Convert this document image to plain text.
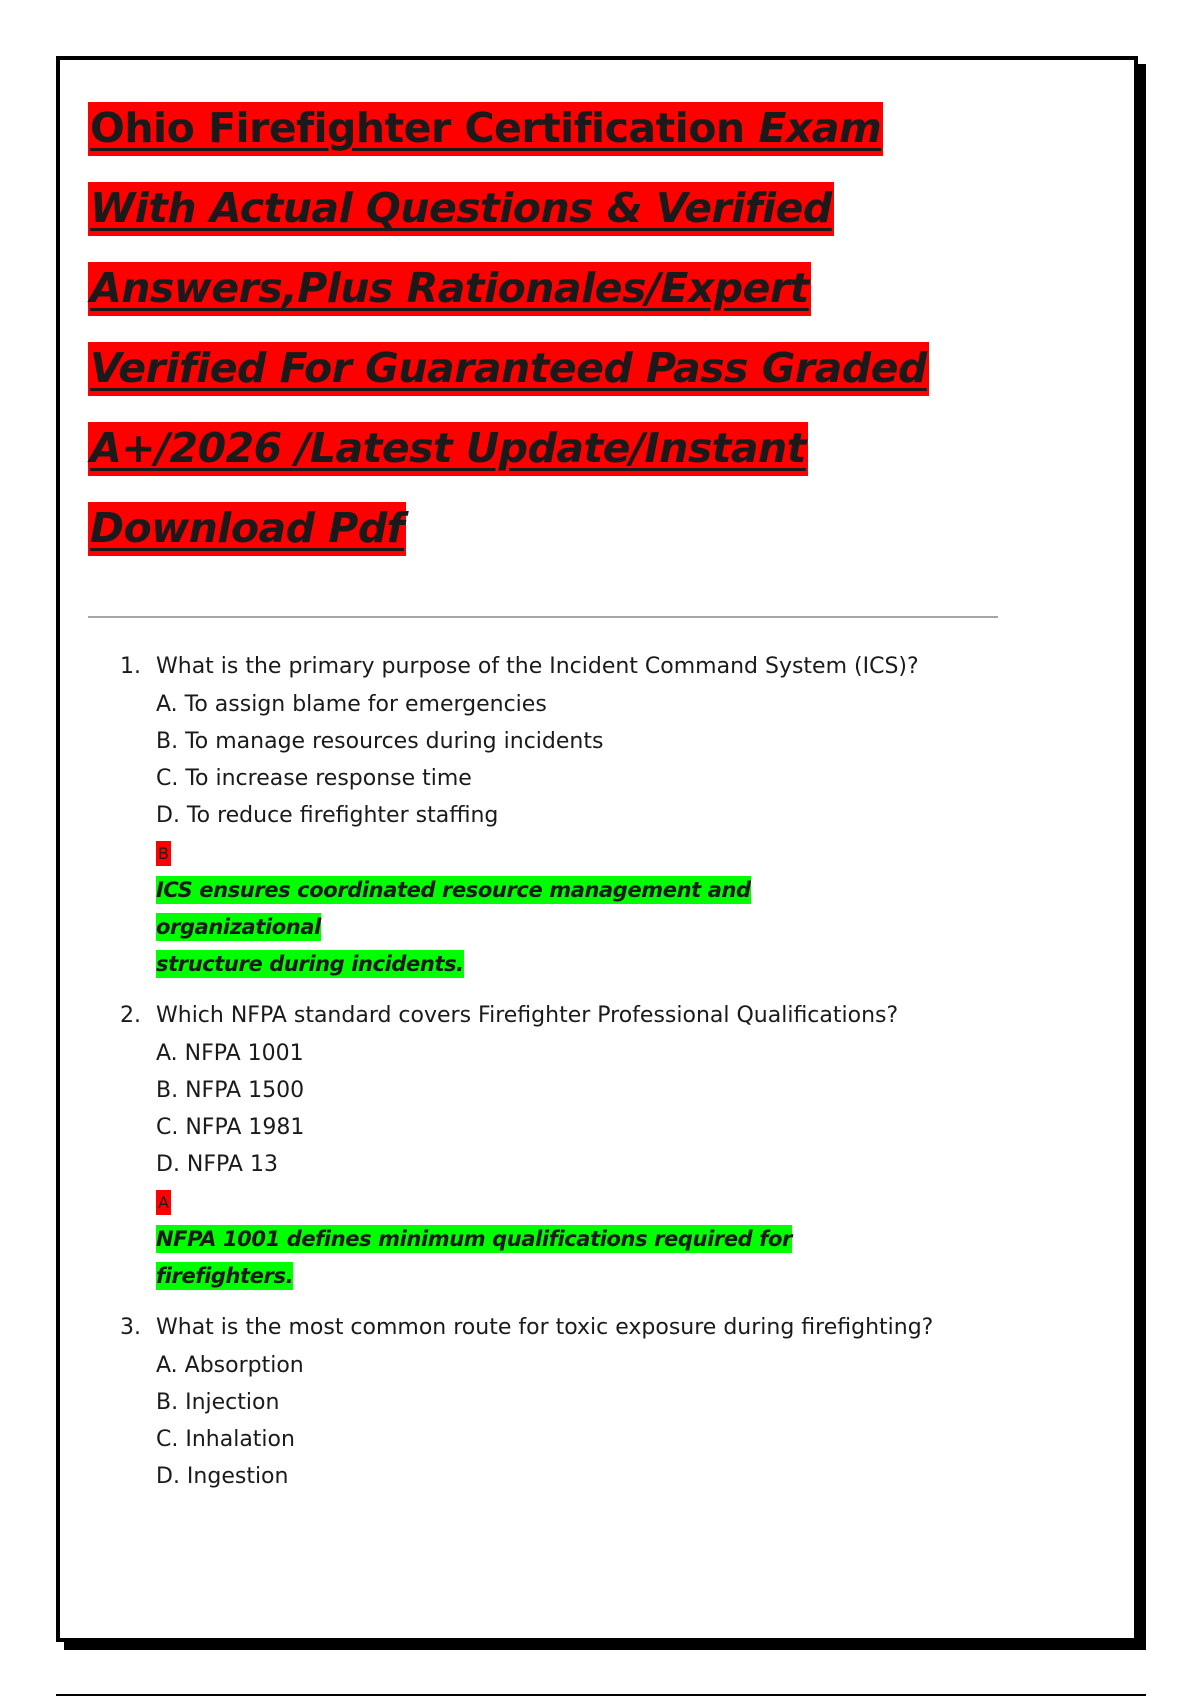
Ohio Firefighter Certification Exam
With Actual Questions & Verified
Answers,Plus Rationales/Expert
Verified For Guaranteed Pass Graded
A+/2026 /Latest Update/Instant
Download Pdf
1. What is the primary purpose of the Incident Command System (ICS)?
A. To assign blame for emergencies
B. To manage resources during incidents
C. To increase response time
D. To reduce firefighter staffing
B
ICS ensures coordinated resource management and organizational
structure during incidents.
2. Which NFPA standard covers Firefighter Professional Qualifications?
A. NFPA 1001
B. NFPA 1500
C. NFPA 1981
D. NFPA 13
A
NFPA 1001 defines minimum qualifications required for firefighters.
3. What is the most common route for toxic exposure during firefighting?
A. Absorption
B. Injection
C. Inhalation
D. Ingestion
